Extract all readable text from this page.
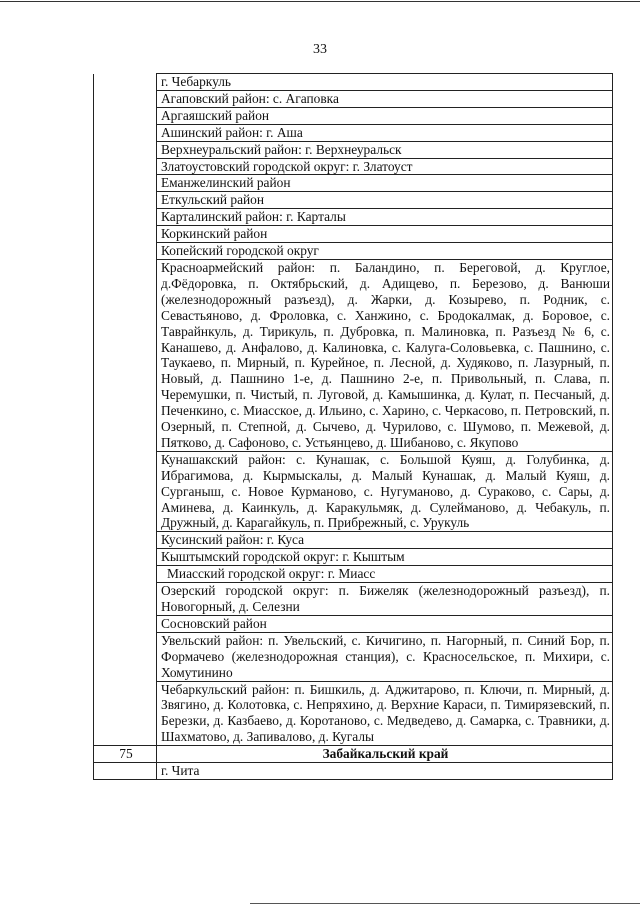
33
	г. Чебаркуль
	Агаповский район: с. Агаповка
	Аргаяшский район
	Ашинский район: г. Аша
	Верхнеуральский район: г. Верхнеуральск
	Златоустовский городской округ: г. Златоуст
	Еманжелинский район
	Еткульский район
	Карталинский район: г. Карталы
	Коркинский район
	Копейский городской округ
	Красноармейский район: п. Баландино, п. Береговой, д. Круглое, д.Фёдоровка, п. Октябрьский, д. Адищево, п. Березово, д. Ванюши (железнодорожный разъезд), д. Жарки, д. Козырево, п. Родник, с. Севастьяново, д. Фроловка, с. Ханжино, с. Бродокалмак, д. Боровое, с. Таврайнкуль, д. Тирикуль, п. Дубровка, п. Малиновка, п. Разъезд № 6, с. Канашево, д. Анфалово, д. Калиновка, с. Калуга-Соловьевка, с. Пашнино, с. Таукаево, п. Мирный, п. Курейное, п. Лесной, д. Худяково, п. Лазурный, п. Новый, д. Пашнино 1-е, д. Пашнино 2-е, п. Привольный, п. Слава, п. Черемушки, п. Чистый, п. Луговой, д. Камышинка, д. Кулат, п. Песчаный, д. Печенкино, с. Миасское, д. Ильино, с. Харино, с. Черкасово, п. Петровский, п. Озерный, п. Степной, д. Сычево, д. Чурилово, с. Шумово, п. Межевой, д. Пятково, д. Сафоново, с. Устьянцево, д. Шибаново, с. Якупово
	Кунашакский район: с. Кунашак, с. Большой Куяш, д. Голубинка, д. Ибрагимова, д. Кырмыскалы, д. Малый Кунашак, д. Малый Куяш, д. Сурганыш, с. Новое Курманово, с. Нугуманово, д. Сураково, с. Сары, д. Аминева, д. Каинкуль, д. Каракульмяк, д. Сулейманово, д. Чебакуль, п. Дружный, д. Карагайкуль, п. Прибрежный, с. Урукуль
	Кусинский район: г. Куса
	Кыштымский городской округ: г. Кыштым
	Миасский городской округ: г. Миасс
	Озерский городской округ: п. Бижеляк (железнодорожный разъезд), п. Новогорный, д. Селезни
	Сосновский район
	Увельский район: п. Увельский, с. Кичигино, п. Нагорный, п. Синий Бор, п. Формачево (железнодорожная станция), с. Красносельское, п. Михири, с. Хомутинино
	Чебаркульский район: п. Бишкиль, д. Аджитарово, п. Ключи, п. Мирный, д. Звягино, д. Колотовка, с. Непряхино, д. Верхние Караси, п. Тимирязевский, п. Березки, д. Казбаево, д. Коротаново, с. Медведево, д. Самарка, с. Травники, д. Шахматово, д. Запивалово, д. Кугалы
75	Забайкальский край
	г. Чита
